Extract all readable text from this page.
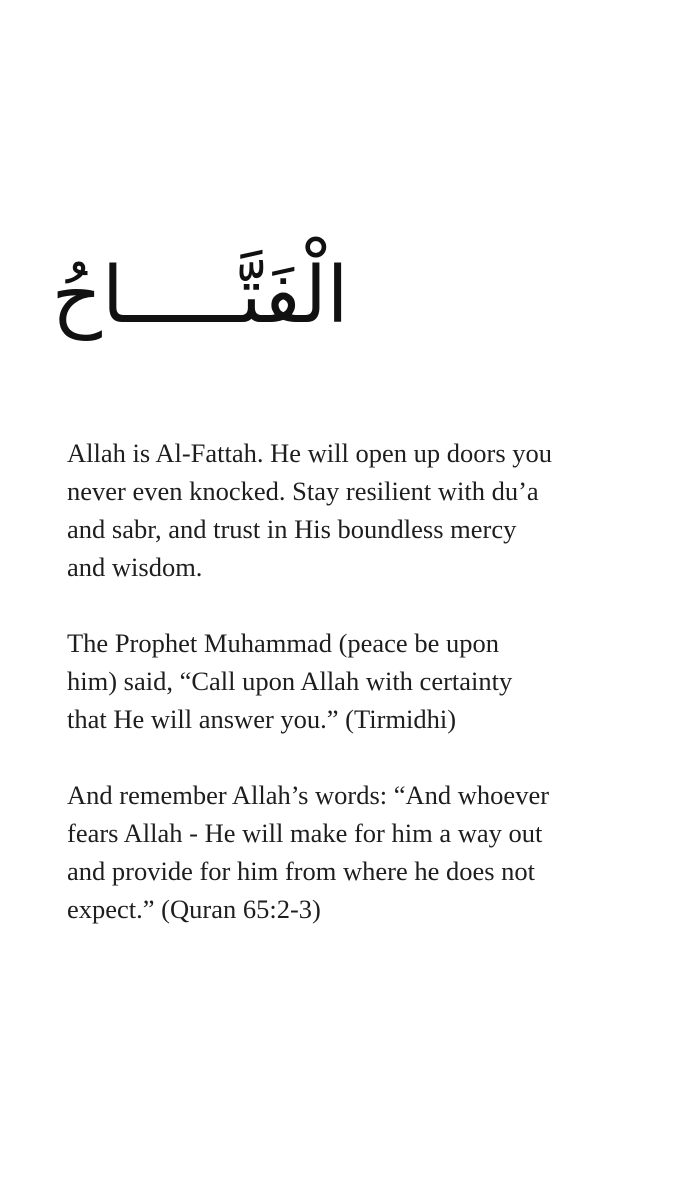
الْفَتَّـــــاحُ

Allah is Al-Fattah. He will open up doors you
never even knocked. Stay resilient with du’a
and sabr, and trust in His boundless mercy
and wisdom.

The Prophet Muhammad (peace be upon
him) said, “Call upon Allah with certainty
that He will answer you.” (Tirmidhi)

And remember Allah’s words: “And whoever
fears Allah - He will make for him a way out
and provide for him from where he does not
expect.” (Quran 65:2-3)
